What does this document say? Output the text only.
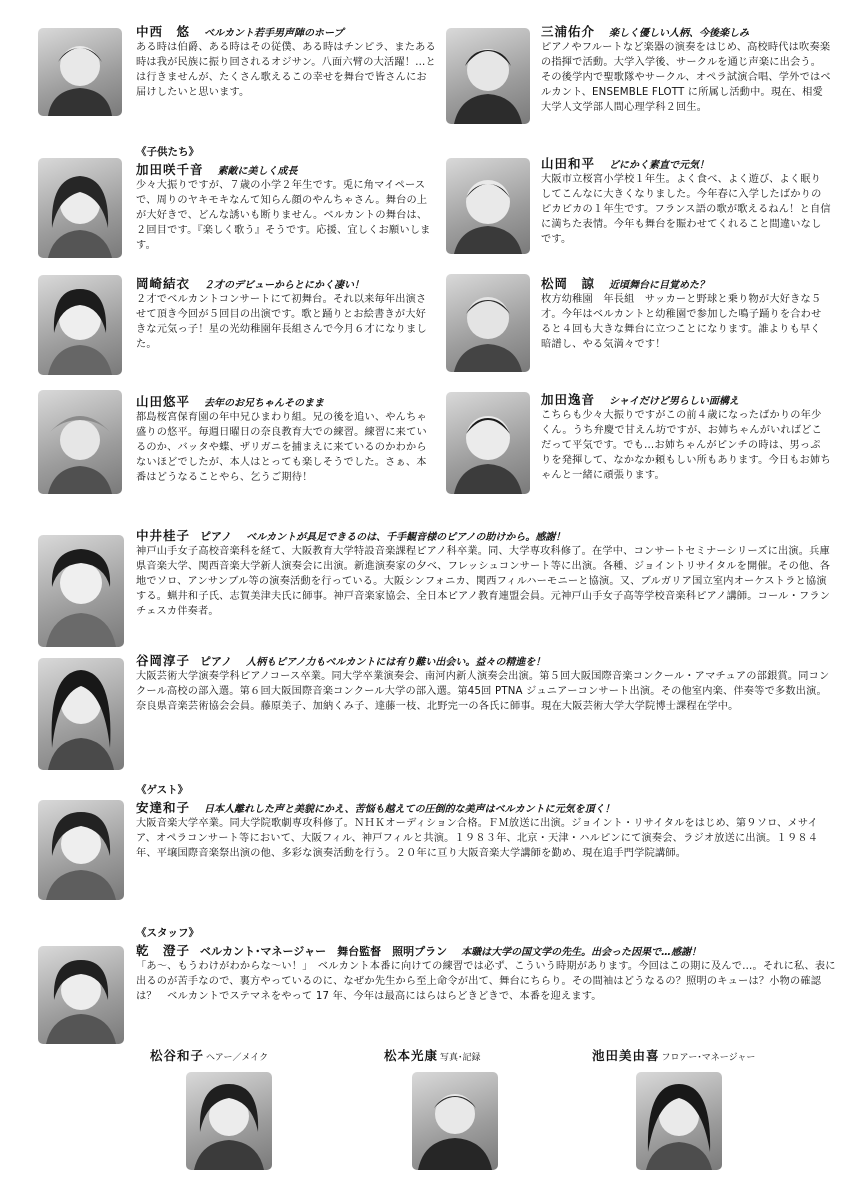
中西　悠 ベルカント若手男声陣のホープ
ある時は伯爵、ある時はその従僕、ある時はチンピラ、またある時は我が民族に振り回されるオジサン。八面六臂の大活躍！…とは行きませんが、たくさん歌えるこの幸せを舞台で皆さんにお届けしたいと思います。
三浦佑介 楽しく優しい人柄、今後楽しみ
ピアノやフルートなど楽器の演奏をはじめ、高校時代は吹奏楽の指揮で活動。大学入学後、サークルを通じ声楽に出会う。その後学内で聖歌隊やサークル、オペラ試演合唱、学外ではベルカント、ENSEMBLE FLOTT に所属し活動中。現在、相愛大学人文学部人間心理学科２回生。
《子供たち》
加田咲千音 素敵に美しく成長
少々大振りですが、７歳の小学２年生です。兎に角マイペースで、周りのヤキモキなんて知らん顔のやんちゃさん。舞台の上が大好きで、どんな誘いも断りません。ベルカントの舞台は、２回目です。『楽しく歌う』そうです。応援、宜しくお願いします。
山田和平 どにかく素直で元気！
大阪市立桜宮小学校１年生。よく食べ、よく遊び、よく眠りしてこんなに大きくなりました。今年春に入学したばかりのピカピカの１年生です。フランス語の歌が歌えるねん！と自信に満ちた表情。今年も舞台を賑わせてくれること間違いなしです。
岡崎結衣 ２才のデビューからとにかく凄い！
２才でベルカントコンサートにて初舞台。それ以来毎年出演させて頂き今回が５回目の出演です。歌と踊りとお絵書きが大好きな元気っ子！星の光幼稚園年長組さんで今月６才になりました。
松岡　諒 近頃舞台に目覚めた？
枚方幼稚園　年長組　サッカーと野球と乗り物が大好きな５才。今年はベルカントと幼稚園で参加した鳴子踊りを合わせると４回も大きな舞台に立つことになります。誰よりも早く暗譜し、やる気満々です！
山田悠平 去年のお兄ちゃんそのまま
都島桜宮保育園の年中兄ひまわり組。兄の後を追い、やんちゃ盛りの悠平。毎週日曜日の奈良教育大での練習。練習に来ているのか、バッタや蝶、ザリガニを捕まえに来ているのかわからないほどでしたが、本人はとっても楽しそうでした。さぁ、本番はどうなることやら、乞うご期待！
加田逸音 シャイだけど男らしい面構え
こちらも少々大振りですがこの前４歳になったばかりの年少くん。うち弁慶で甘えん坊ですが、お姉ちゃんがいればどこだって平気です。でも…お姉ちゃんがピンチの時は、男っぷりを発揮して、なかなか頼もしい所もあります。今日もお姉ちゃんと一緒に頑張ります。
中井桂子 ピアノ ベルカントが具足できるのは、千手観音様のピアノの助けから。感謝！
神戸山手女子高校音楽科を経て、大阪教育大学特設音楽課程ピアノ科卒業。同、大学専攻科修了。在学中、コンサートセミナーシリーズに出演。兵庫県音楽大学、関西音楽大学新人演奏会に出演。新進演奏家の夕べ、フレッシュコンサート等に出演。各種、ジョイントリサイタルを開催。その他、各地でソロ、アンサンブル等の演奏活動を行っている。大阪シンフォニカ、関西フィルハーモニーと協演。又、ブルガリア国立室内オーケストラと協演する。蝋井和子氏、志賀美津夫氏に師事。神戸音楽家協会、全日本ピアノ教育連盟会員。元神戸山手女子高等学校音楽科ピアノ講師。コール・フランチェスカ伴奏者。
谷岡淳子 ピアノ 人柄もピアノ力もベルカントには有り難い出会い。益々の精進を！
大阪芸術大学演奏学科ピアノコース卒業。同大学卒業演奏会、南河内新人演奏会出演。第５回大阪国際音楽コンクール・アマチュアの部銀賞。同コンクール高校の部入選。第６回大阪国際音楽コンクール大学の部入選。第45回 PTNA ジュニアーコンサート出演。その他室内楽、伴奏等で多数出演。奈良県音楽芸術協会会員。藤原美子、加納くみ子、達藤一枝、北野完一の各氏に師事。現在大阪芸術大学大学院博士課程在学中。
《ゲスト》
安達和子 日本人離れした声と美貌にかえ、苦悩も越えての圧倒的な美声はベルカントに元気を頂く！
大阪音楽大学卒業。同大学院歌劇専攻科修了。ＮＨＫオーディション合格。ＦＭ放送に出演。ジョイント・リサイタルをはじめ、第９ソロ、メサイア、オペラコンサート等において、大阪フィル、神戸フィルと共演。１９８３年、北京・天津・ハルピンにて演奏会、ラジオ放送に出演。１９８４年、平壌国際音楽祭出演の他、多彩な演奏活動を行う。２０年に亘り大阪音楽大学講師を勤め、現在追手門学院講師。
《スタッフ》
乾　澄子 ベルカント･マネージャー　舞台監督　照明プラン 本職は大学の国文学の先生。出会った因果で…感謝！
「あ～、もうわけがわからな～い！」　ベルカント本番に向けての練習では必ず、こういう時期があります。今回はこの期に及んで…。それに私、表に出るのが苦手なので、裏方やっているのに、なぜか先生から至上命令が出て、舞台にちらり。その間袖はどうなるの？照明のキューは？小物の確認は？　ベルカントでステマネをやって 17 年、今年は最高にはらはらどきどきで、本番を迎えます。
松谷和子 ヘアー／メイク	松本光康 写真･記録	池田美由喜 フロアー･マネージャー
